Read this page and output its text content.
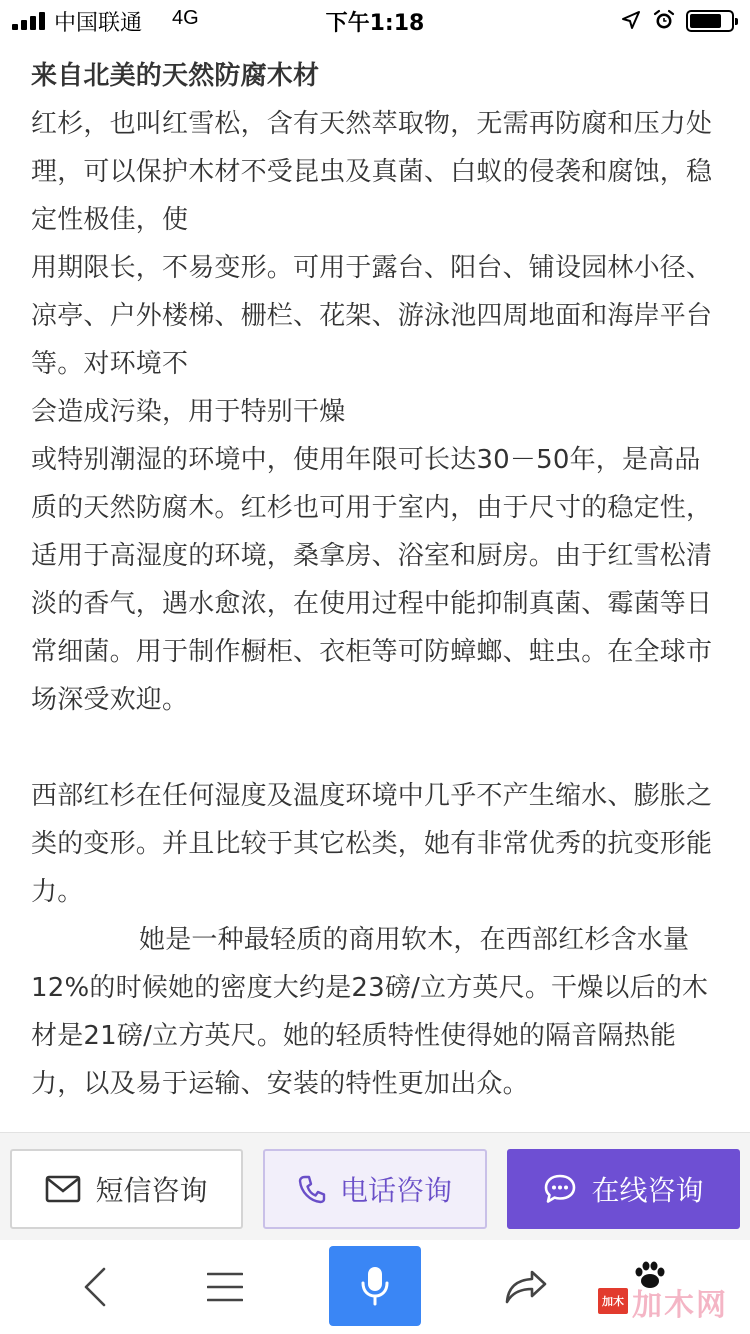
中国联通 4G	下午1:18

来自北美的天然防腐木材

红杉，也叫红雪松，含有天然萃取物，无需再防腐和压力处理，可以保护木材不受昆虫及真菌、白蚁的侵袭和腐蚀，稳定性极佳，使

用期限长，不易变形。可用于露台、阳台、铺设园林小径、凉亭、户外楼梯、栅栏、花架、游泳池四周地面和海岸平台等。对环境不

会造成污染，用于特别干燥

或特别潮湿的环境中，使用年限可长达30－50年，是高品质的天然防腐木。红杉也可用于室内，由于尺寸的稳定性，适用于高湿度的环境，桑拿房、浴室和厨房。由于红雪松清淡的香气，遇水愈浓，在使用过程中能抑制真菌、霉菌等日常细菌。用于制作橱柜、衣柜等可防蟑螂、蛀虫。在全球市场深受欢迎。

西部红杉在任何湿度及温度环境中几乎不产生缩水、膨胀之类的变形。并且比较于其它松类，她有非常优秀的抗变形能力。

她是一种最轻质的商用软木，在西部红杉含水量12%的时候她的密度大约是23磅/立方英尺。干燥以后的木材是21磅/立方英尺。她的轻质特性使得她的隔音隔热能力，以及易于运输、安装的特性更加出众。

短信咨询	电话咨询	在线咨询
加木 加木网
